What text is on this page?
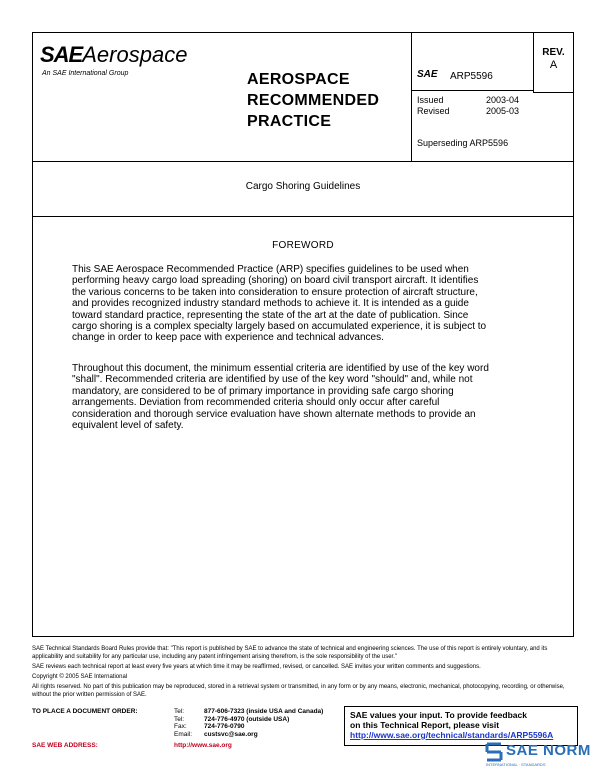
SAEAerospace
An SAE International Group	AEROSPACE
RECOMMENDED
PRACTICE
SAE ARP5596
Issued	2003-04
Revised	2005-03
Superseding ARP5596
REV.
A
Cargo Shoring Guidelines
FOREWORD
This SAE Aerospace Recommended Practice (ARP) specifies guidelines to be used when
performing heavy cargo load spreading (shoring) on board civil transport aircraft. It identifies
the various concerns to be taken into consideration to ensure protection of aircraft structure,
and provides recognized industry standard methods to achieve it. It is intended as a guide
toward standard practice, representing the state of the art at the date of publication. Since
cargo shoring is a complex specialty largely based on accumulated experience, it is subject to
change in order to keep pace with experience and technical advances.
Throughout this document, the minimum essential criteria are identified by use of the key word
"shall". Recommended criteria are identified by use of the key word "should" and, while not
mandatory, are considered to be of primary importance in providing safe cargo shoring
arrangements. Deviation from recommended criteria should only occur after careful
consideration and thorough service evaluation have shown alternate methods to provide an
equivalent level of safety.

SAE Technical Standards Board Rules provide that: "This report is published by SAE to advance the state of technical and engineering sciences. The use of this report is entirely voluntary, and its applicability and suitability for any particular use, including any patent infringement arising therefrom, is the sole responsibility of the user."

SAE reviews each technical report at least every five years at which time it may be reaffirmed, revised, or cancelled. SAE invites your written comments and suggestions.

Copyright © 2005 SAE International

All rights reserved. No part of this publication may be reproduced, stored in a retrieval system or transmitted, in any form or by any means, electronic, mechanical, photocopying, recording, or otherwise, without the prior written permission of SAE.

TO PLACE A DOCUMENT ORDER:	Tel:	877-606-7323 (inside USA and Canada)
Tel:	724-776-4970 (outside USA)
Fax:	724-776-0790
Email: custsvc@sae.org
SAE WEB ADDRESS:	http://www.sae.org
SAE values your input. To provide feedback
on this Technical Report, please visit
http://www.sae.org/technical/standards/ARP5596A
SAE NORM
INTERNATIONAL · STANDARDS
